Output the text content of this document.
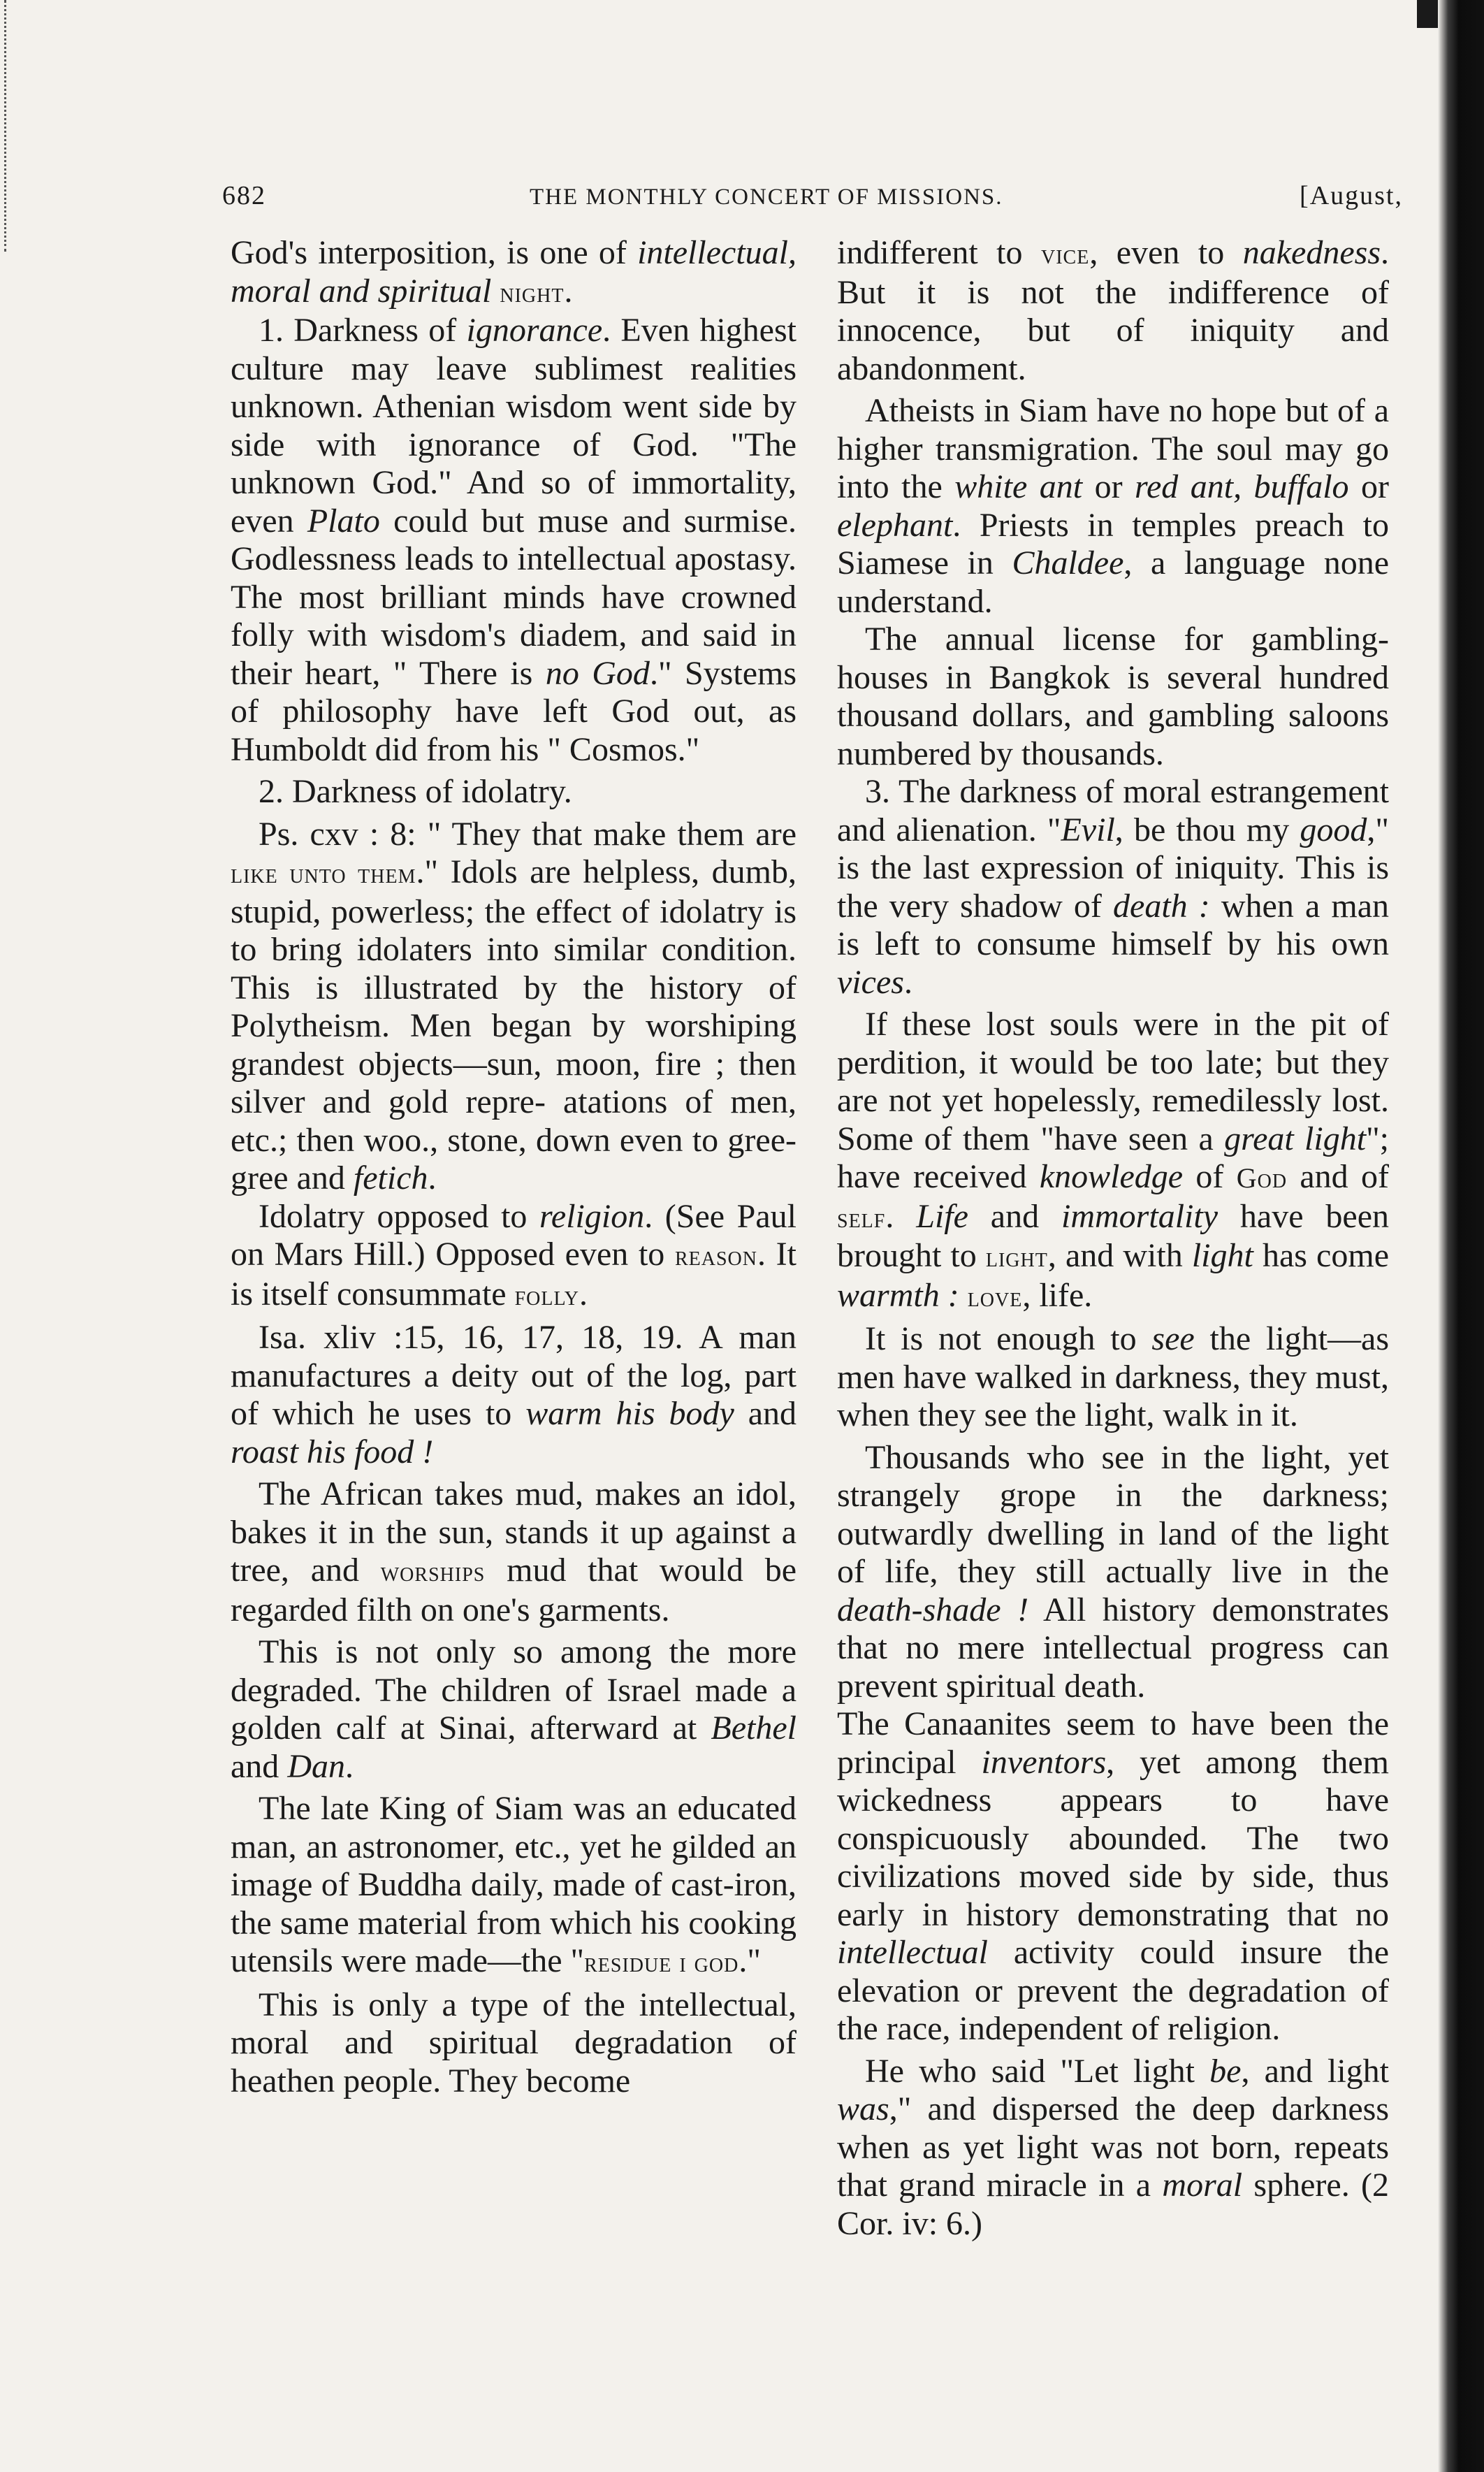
682	THE MONTHLY CONCERT OF MISSIONS.	[August,

God's interposition, is one of intellectual, moral and spiritual night.

1. Darkness of ignorance. Even highest culture may leave sublimest realities unknown. Athenian wisdom went side by side with ignorance of God. "The unknown God." And so of immortality, even Plato could but muse and surmise. Godlessness leads to intellectual apostasy. The most brilliant minds have crowned folly with wisdom's diadem, and said in their heart, " There is no God." Systems of philosophy have left God out, as Humboldt did from his " Cosmos."

2. Darkness of idolatry.

Ps. cxv : 8: " They that make them are like unto them." Idols are helpless, dumb, stupid, powerless; the effect of idolatry is to bring idolaters into similar condition. This is illustrated by the history of Polytheism. Men began by worshiping grandest objects—sun, moon, fire ; then silver and gold repre- atations of men, etc.; then woo., stone, down even to gree-gree and fetich.

Idolatry opposed to religion. (See Paul on Mars Hill.) Opposed even to reason. It is itself consummate folly.

Isa. xliv :15, 16, 17, 18, 19. A man manufactures a deity out of the log, part of which he uses to warm his body and roast his food !

The African takes mud, makes an idol, bakes it in the sun, stands it up against a tree, and worships mud that would be regarded filth on one's garments.

This is not only so among the more degraded. The children of Israel made a golden calf at Sinai, afterward at Bethel and Dan.

The late King of Siam was an educated man, an astronomer, etc., yet he gilded an image of Buddha daily, made of cast-iron, the same material from which his cooking utensils were made—the "residue i god."

This is only a type of the intellectual, moral and spiritual degradation of heathen people. They become

indifferent to vice, even to nakedness. But it is not the indifference of innocence, but of iniquity and abandonment.

Atheists in Siam have no hope but of a higher transmigration. The soul may go into the white ant or red ant, buffalo or elephant. Priests in temples preach to Siamese in Chaldee, a language none understand.

The annual license for gambling-houses in Bangkok is several hundred thousand dollars, and gambling saloons numbered by thousands.

3. The darkness of moral estrangement and alienation. "Evil, be thou my good," is the last expression of iniquity. This is the very shadow of death : when a man is left to consume himself by his own vices.

If these lost souls were in the pit of perdition, it would be too late; but they are not yet hopelessly, remedilessly lost. Some of them "have seen a great light"; have received knowledge of God and of self. Life and immortality have been brought to light, and with light has come warmth : love, life.

It is not enough to see the light—as men have walked in darkness, they must, when they see the light, walk in it.

Thousands who see in the light, yet strangely grope in the darkness; outwardly dwelling in land of the light of life, they still actually live in the death-shade ! All history demonstrates that no mere intellectual progress can prevent spiritual death.

The Canaanites seem to have been the principal inventors, yet among them wickedness appears to have conspicuously abounded. The two civilizations moved side by side, thus early in history demonstrating that no intellectual activity could insure the elevation or prevent the degradation of the race, independent of religion.

He who said "Let light be, and light was," and dispersed the deep darkness when as yet light was not born, repeats that grand miracle in a moral sphere. (2 Cor. iv: 6.)
